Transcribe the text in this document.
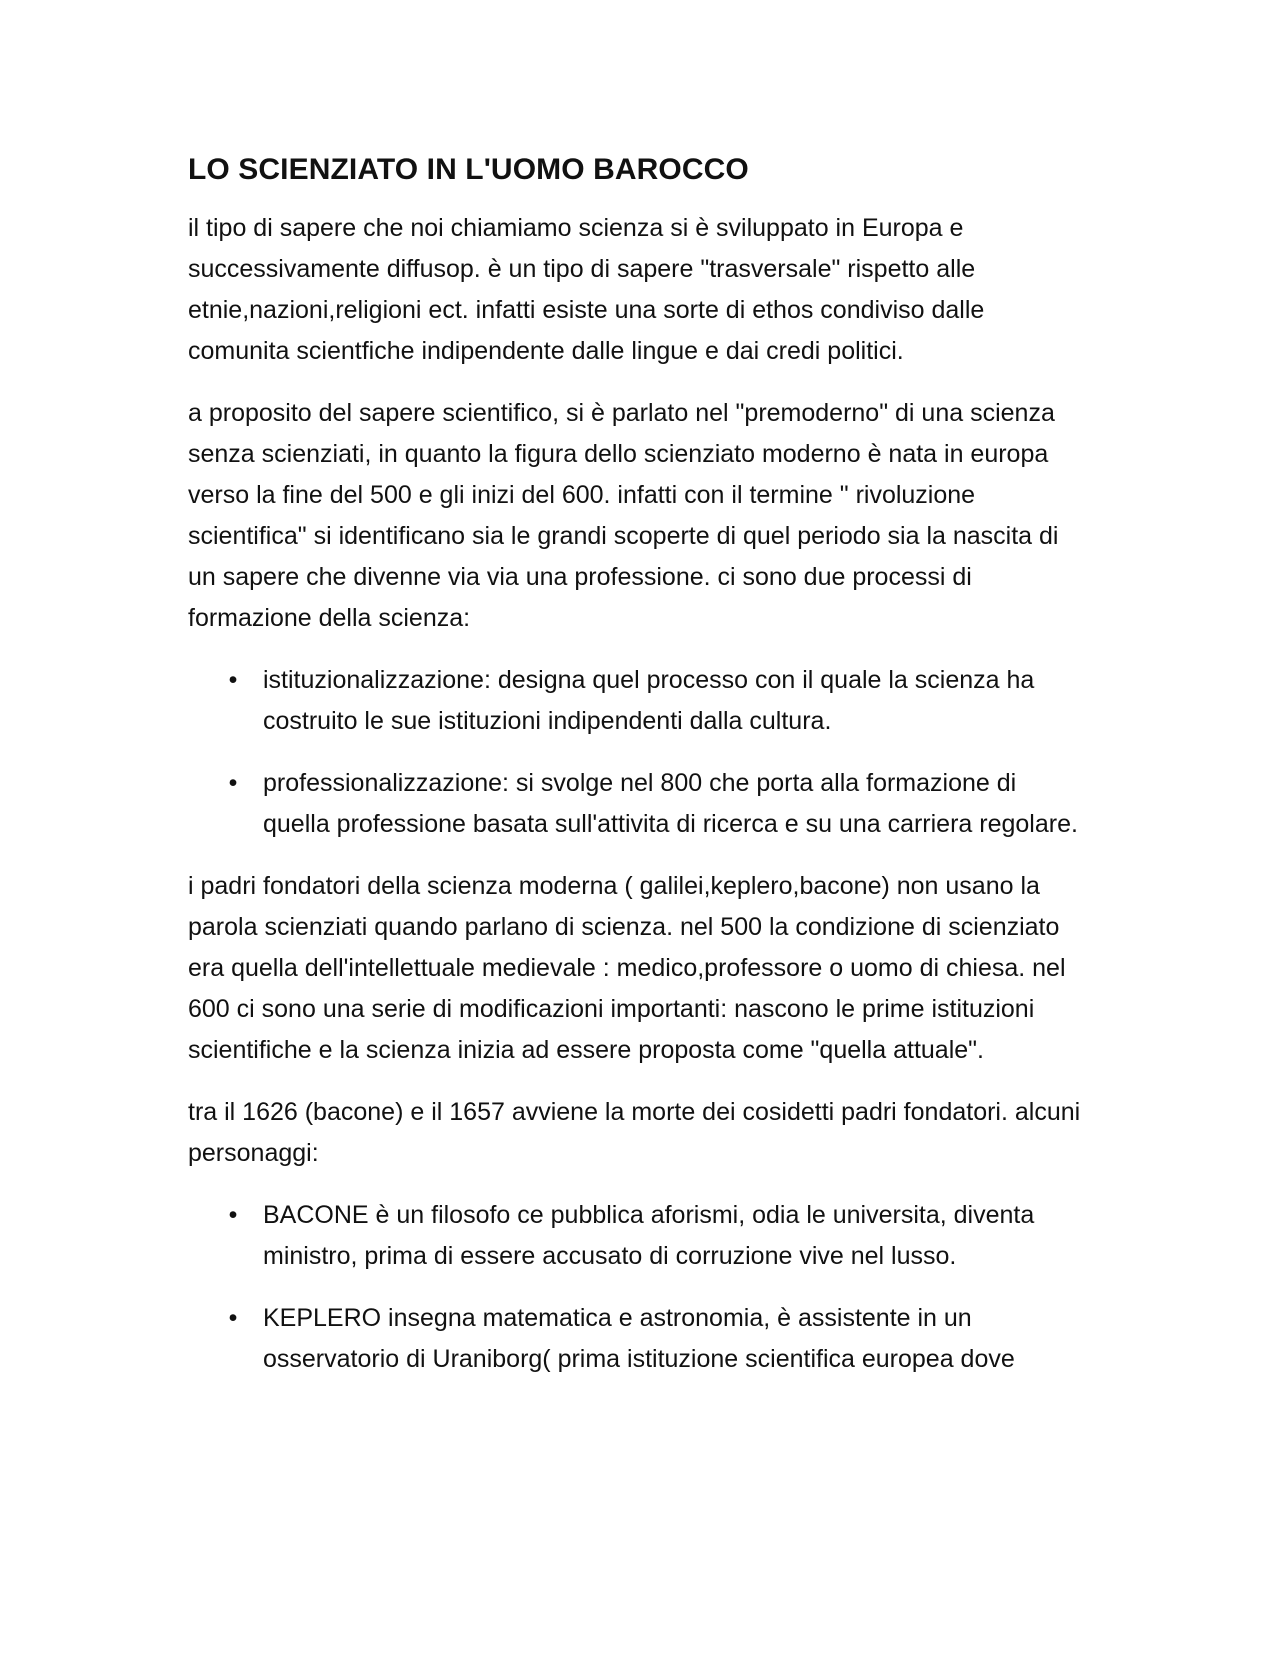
LO SCIENZIATO IN L'UOMO BAROCCO

il tipo di sapere che noi chiamiamo scienza si è sviluppato in Europa e successivamente diffusop. è un tipo di sapere "trasversale" rispetto alle etnie,nazioni,religioni ect. infatti esiste una sorte di ethos condiviso dalle comunita scientfiche indipendente dalle lingue e dai credi politici.

a proposito del sapere scientifico, si è parlato nel "premoderno" di una scienza senza scienziati, in quanto la figura dello scienziato moderno è nata in europa verso la fine del 500 e gli inizi del 600. infatti con il termine " rivoluzione scientifica" si identificano sia le grandi scoperte di quel periodo sia la nascita di un sapere che divenne via via una professione. ci sono due processi di formazione della scienza:

• istituzionalizzazione: designa quel processo con il quale la scienza ha costruito le sue istituzioni indipendenti dalla cultura.
• professionalizzazione: si svolge nel 800 che porta alla formazione di quella professione basata sull'attivita di ricerca e su una carriera regolare.

i padri fondatori della scienza moderna ( galilei,keplero,bacone) non usano la parola scienziati quando parlano di scienza. nel 500 la condizione di scienziato era quella dell'intellettuale medievale : medico,professore o uomo di chiesa. nel 600 ci sono una serie di modificazioni importanti: nascono le prime istituzioni scientifiche e la scienza inizia ad essere proposta come "quella attuale".

tra il 1626 (bacone) e il 1657 avviene la morte dei cosidetti padri fondatori. alcuni personaggi:

• BACONE è un filosofo ce pubblica aforismi, odia le universita, diventa ministro, prima di essere accusato di corruzione vive nel lusso.
• KEPLERO insegna matematica e astronomia, è assistente in un osservatorio di Uraniborg( prima istituzione scientifica europea dove
